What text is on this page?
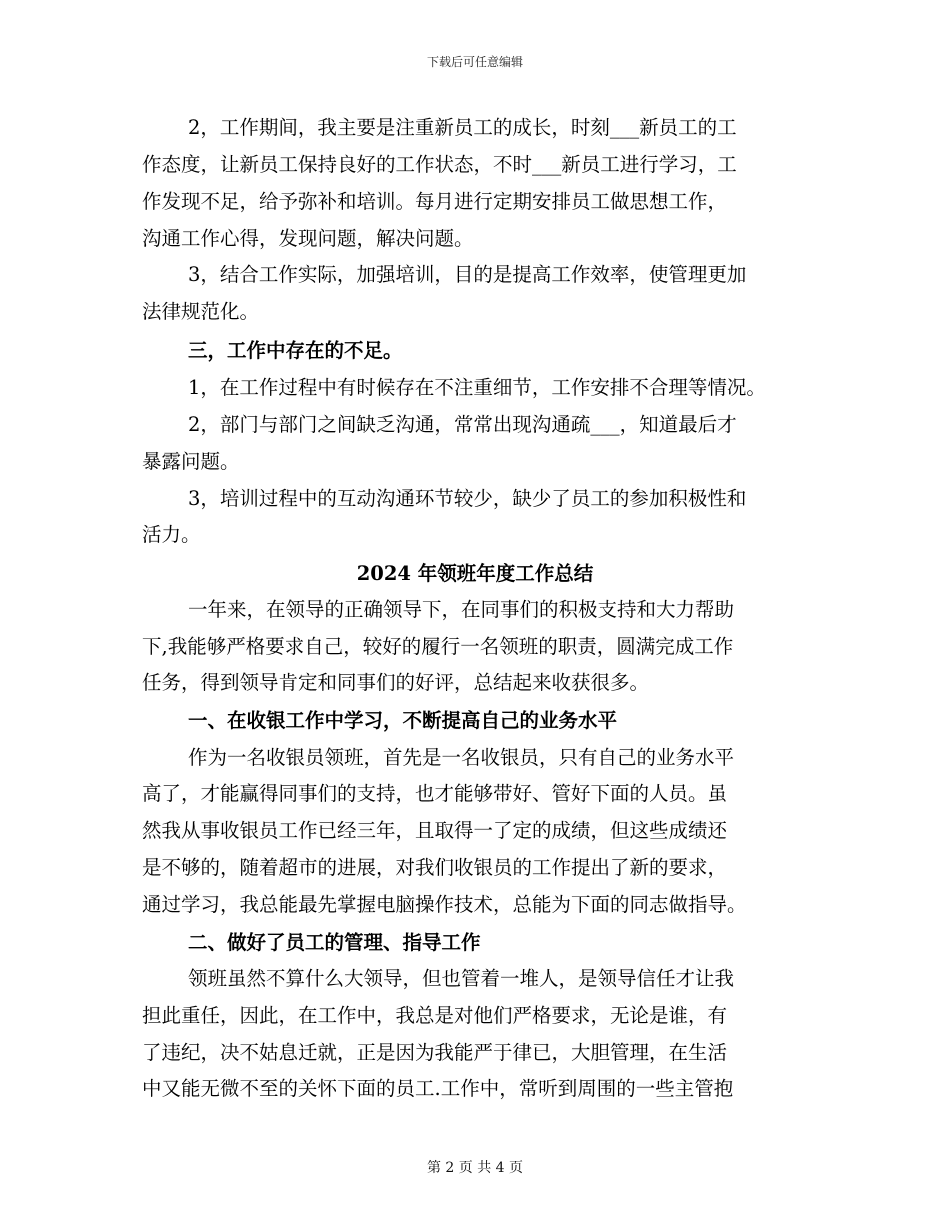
下载后可任意编辑
2，工作期间，我主要是注重新员工的成长，时刻___新员工的工
作态度，让新员工保持良好的工作状态，不时___新员工进行学习，工
作发现不足，给予弥补和培训。每月进行定期安排员工做思想工作，
沟通工作心得，发现问题，解决问题。
3，结合工作实际，加强培训，目的是提高工作效率，使管理更加
法律规范化。
三，工作中存在的不足。
1，在工作过程中有时候存在不注重细节，工作安排不合理等情况。
2，部门与部门之间缺乏沟通，常常出现沟通疏___，知道最后才
暴露问题。
3，培训过程中的互动沟通环节较少，缺少了员工的参加积极性和
活力。
2024 年领班年度工作总结
一年来，在领导的正确领导下，在同事们的积极支持和大力帮助
下,我能够严格要求自己，较好的履行一名领班的职责，圆满完成工作
任务，得到领导肯定和同事们的好评，总结起来收获很多。
一、在收银工作中学习，不断提高自己的业务水平
作为一名收银员领班，首先是一名收银员，只有自己的业务水平
高了，才能赢得同事们的支持，也才能够带好、管好下面的人员。虽
然我从事收银员工作已经三年，且取得一了定的成绩，但这些成绩还
是不够的，随着超市的进展，对我们收银员的工作提出了新的要求，
通过学习，我总能最先掌握电脑操作技术，总能为下面的同志做指导。
二、做好了员工的管理、指导工作
领班虽然不算什么大领导，但也管着一堆人，是领导信任才让我
担此重任，因此，在工作中，我总是对他们严格要求，无论是谁，有
了违纪，决不姑息迁就，正是因为我能严于律已，大胆管理，在生活
中又能无微不至的关怀下面的员工.工作中，常听到周围的一些主管抱
第 2 页 共 4 页
